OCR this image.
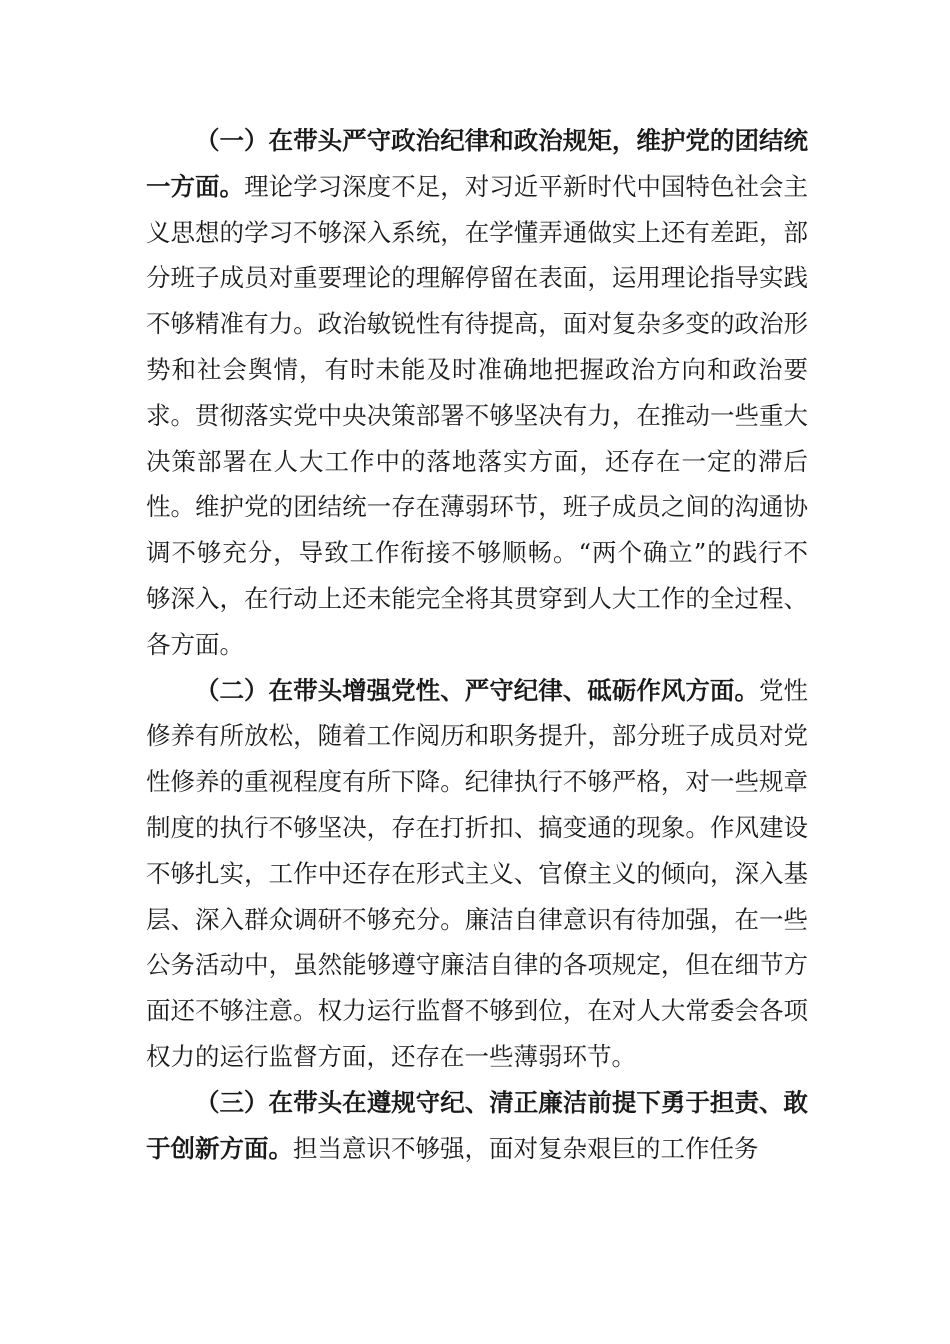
（一）在带头严守政治纪律和政治规矩，维护党的团结统一方面。理论学习深度不足，对习近平新时代中国特色社会主义思想的学习不够深入系统，在学懂弄通做实上还有差距，部分班子成员对重要理论的理解停留在表面，运用理论指导实践不够精准有力。政治敏锐性有待提高，面对复杂多变的政治形势和社会舆情，有时未能及时准确地把握政治方向和政治要求。贯彻落实党中央决策部署不够坚决有力，在推动一些重大决策部署在人大工作中的落地落实方面，还存在一定的滞后性。维护党的团结统一存在薄弱环节，班子成员之间的沟通协调不够充分，导致工作衔接不够顺畅。“两个确立”的践行不够深入，在行动上还未能完全将其贯穿到人大工作的全过程、各方面。

（二）在带头增强党性、严守纪律、砥砺作风方面。党性修养有所放松，随着工作阅历和职务提升，部分班子成员对党性修养的重视程度有所下降。纪律执行不够严格，对一些规章制度的执行不够坚决，存在打折扣、搞变通的现象。作风建设不够扎实，工作中还存在形式主义、官僚主义的倾向，深入基层、深入群众调研不够充分。廉洁自律意识有待加强，在一些公务活动中，虽然能够遵守廉洁自律的各项规定，但在细节方面还不够注意。权力运行监督不够到位，在对人大常委会各项权力的运行监督方面，还存在一些薄弱环节。

（三）在带头在遵规守纪、清正廉洁前提下勇于担责、敢于创新方面。担当意识不够强，面对复杂艰巨的工作任务
